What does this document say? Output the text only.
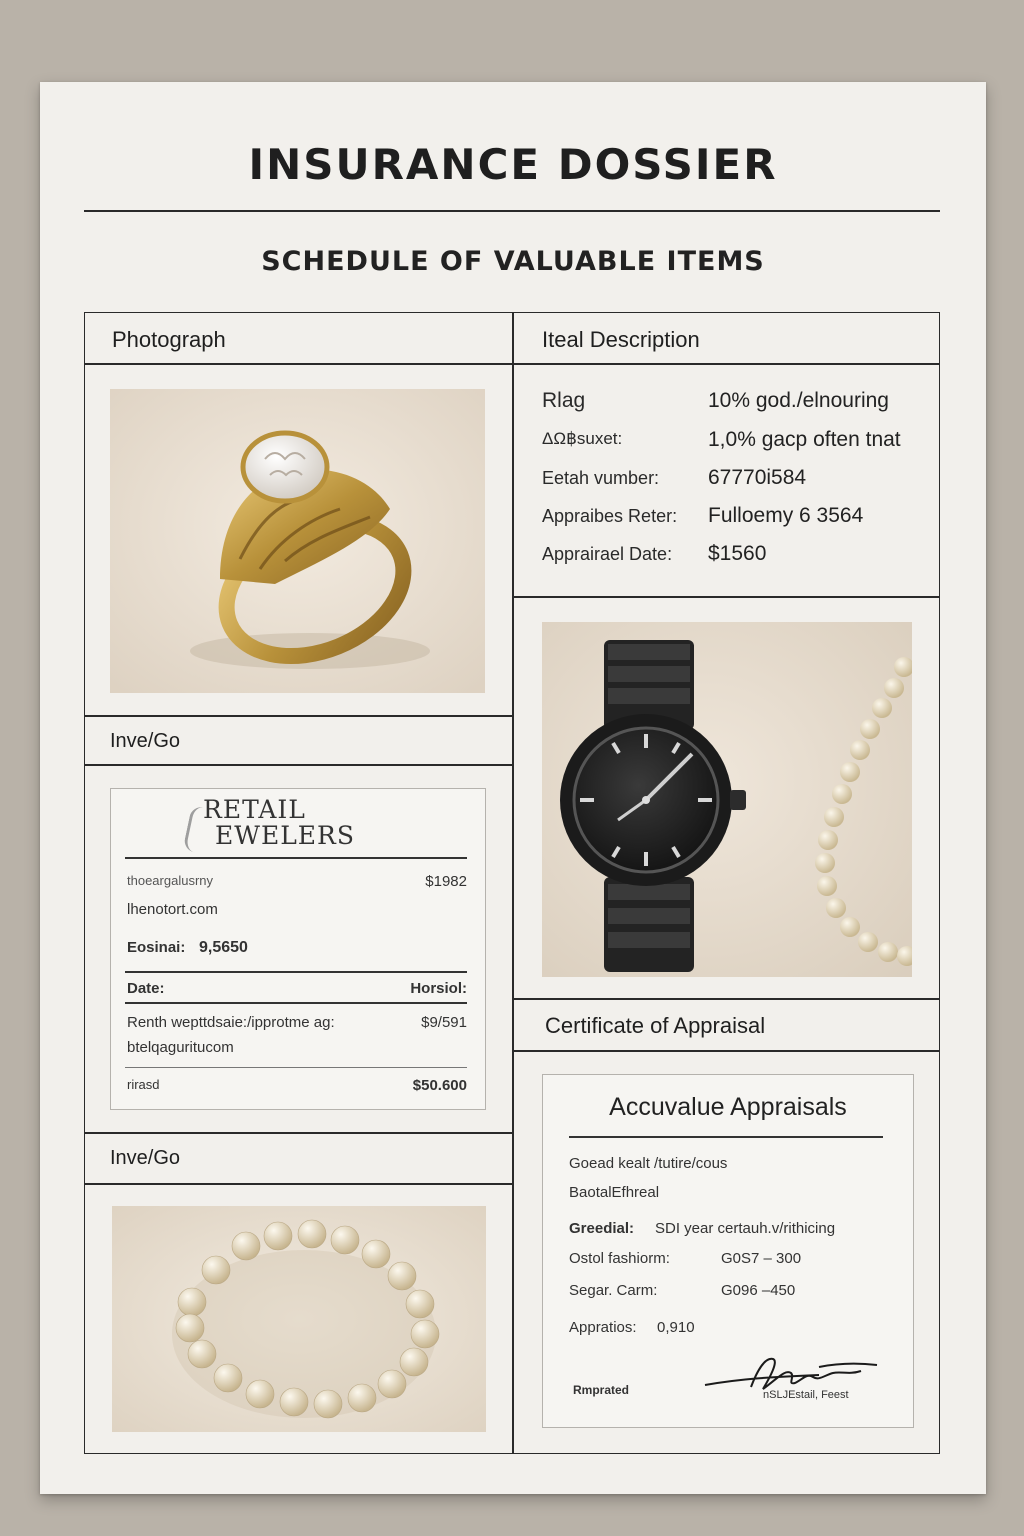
INSURANCE DOSSIER
SCHEDULE OF VALUABLE ITEMS
Photograph	Iteal Description
Rlag	10% god./elnouring
ΔΩ฿suxet:	1,0% gacp often tnat
Eetah vumber: 67770i584
Appraibes Reter: Fulloemy 6 3564
Apprairael Date: $1560
Inve/Go
RETAIL
EWELERS
thoeargalusrny	$1982
lhenotort.com
Eosinai: 9,5650
Date:	Horsiol:
Renth wepttdsaie:/ipprotme ag:
btelqaguritucom
$9/591
rirasd	$50.600
Inve/Go
Certificate of Appraisal
Accuvalue Appraisals
Goead kealt /tutire/cous
BaotalEfhreal
Greedial: SDI year certauh.v/rithicing
Ostol fashiorm:	G0S7 – 300
Segar. Carm:	G096 –450
Appratios: 0,910
Rmprated	nSLJEstail, Feest
